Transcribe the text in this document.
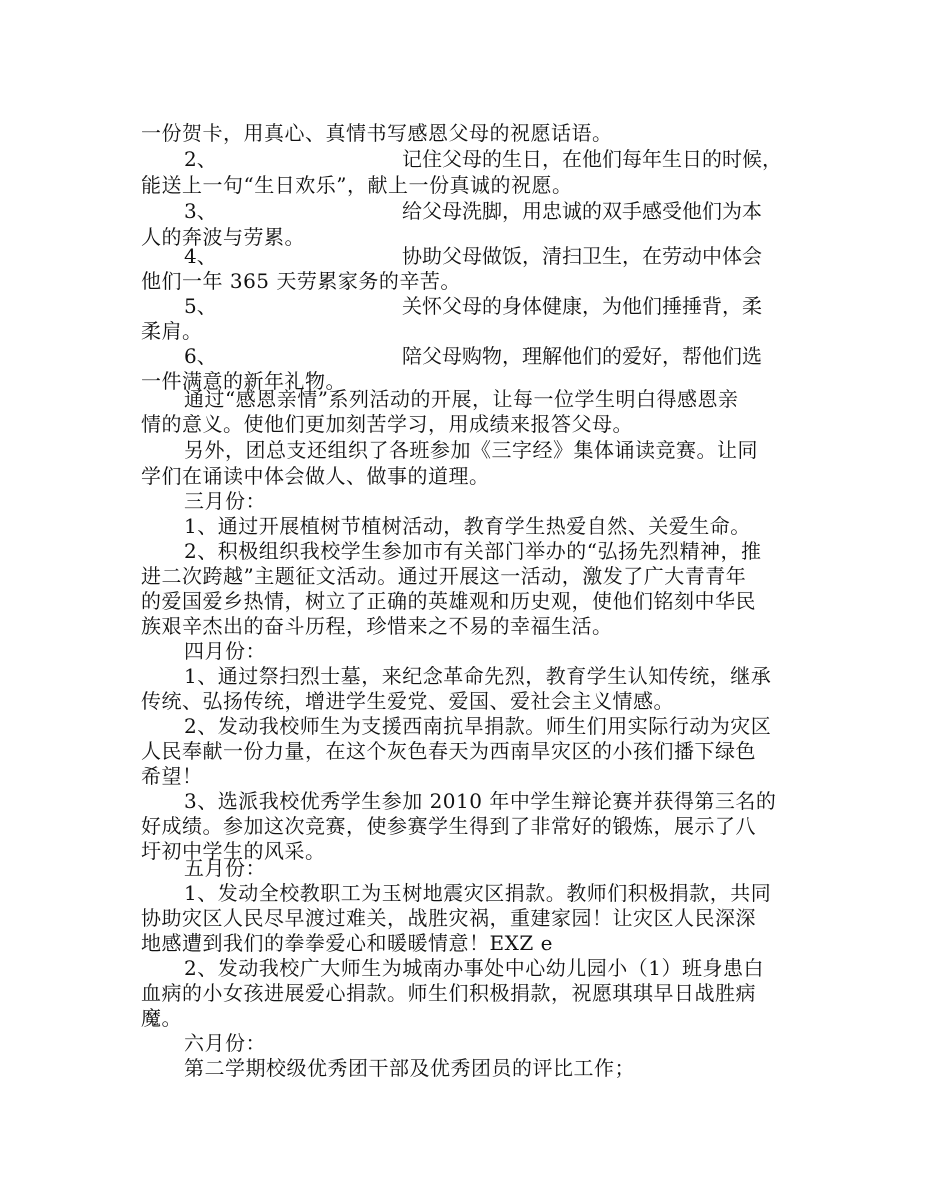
一份贺卡，用真心、真情书写感恩父母的祝愿话语。
2、	记住父母的生日，在他们每年生日的时候，
能送上一句“生日欢乐”，献上一份真诚的祝愿。
3、	给父母洗脚，用忠诚的双手感受他们为本
人的奔波与劳累。
4、	协助父母做饭，清扫卫生，在劳动中体会
他们一年 365 天劳累家务的辛苦。
5、	关怀父母的身体健康，为他们捶捶背，柔
柔肩。
6、	陪父母购物，理解他们的爱好，帮他们选
一件满意的新年礼物。
通过“感恩亲情”系列活动的开展，让每一位学生明白得感恩亲
情的意义。使他们更加刻苦学习，用成绩来报答父母。
另外，团总支还组织了各班参加《三字经》集体诵读竞赛。让同
学们在诵读中体会做人、做事的道理。
三月份：
1、通过开展植树节植树活动，教育学生热爱自然、关爱生命。
2、积极组织我校学生参加市有关部门举办的“弘扬先烈精神，推
进二次跨越”主题征文活动。通过开展这一活动，激发了广大青青年
的爱国爱乡热情，树立了正确的英雄观和历史观，使他们铭刻中华民
族艰辛杰出的奋斗历程，珍惜来之不易的幸福生活。
四月份：
1、通过祭扫烈士墓，来纪念革命先烈，教育学生认知传统，继承
传统、弘扬传统，增进学生爱党、爱国、爱社会主义情感。
2、发动我校师生为支援西南抗旱捐款。师生们用实际行动为灾区
人民奉献一份力量，在这个灰色春天为西南旱灾区的小孩们播下绿色
希望！
3、选派我校优秀学生参加 2010 年中学生辩论赛并获得第三名的
好成绩。参加这次竞赛，使参赛学生得到了非常好的锻炼，展示了八
圩初中学生的风采。
五月份：
1、发动全校教职工为玉树地震灾区捐款。教师们积极捐款，共同
协助灾区人民尽早渡过难关，战胜灾祸，重建家园！让灾区人民深深
地感遭到我们的拳拳爱心和暖暖情意！EXZ e
2、发动我校广大师生为城南办事处中心幼儿园小（1）班身患白
血病的小女孩进展爱心捐款。师生们积极捐款，祝愿琪琪早日战胜病
魔。
六月份：
第二学期校级优秀团干部及优秀团员的评比工作；
